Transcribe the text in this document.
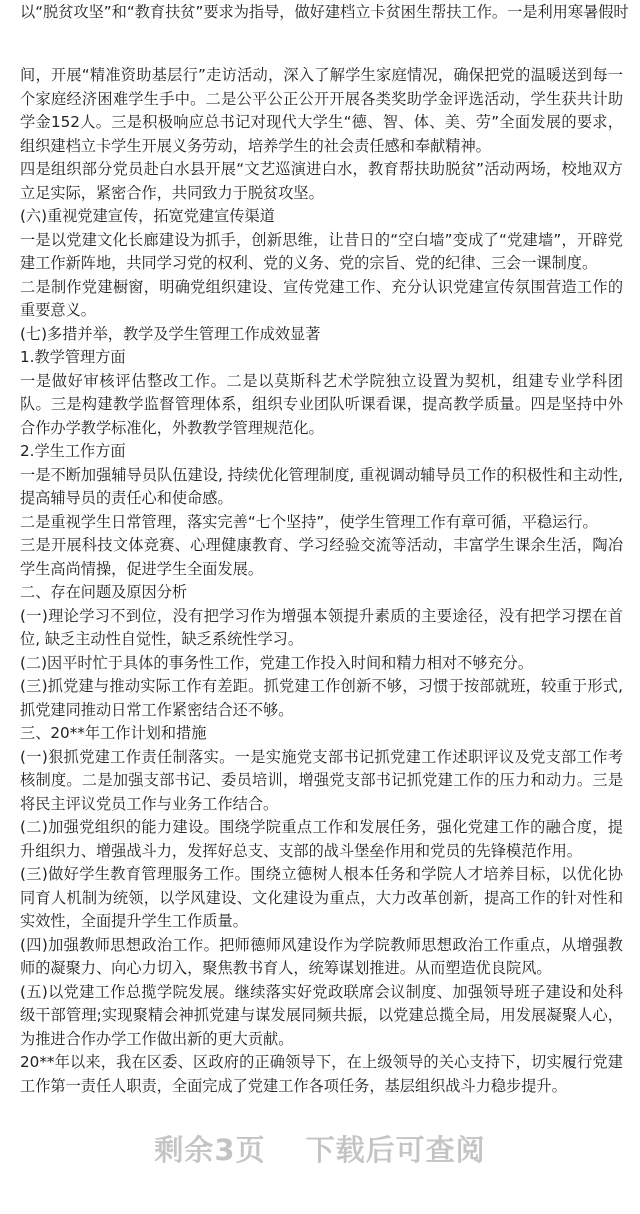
以“脱贫攻坚”和“教育扶贫”要求为指导，做好建档立卡贫困生帮扶工作。一是利用寒暑假时

间，开展“精准资助基层行”走访活动，深入了解学生家庭情况，确保把党的温暖送到每一个家庭经济困难学生手中。二是公平公正公开开展各类奖助学金评选活动，学生获共计助学金152人。三是积极响应总书记对现代大学生“德、智、体、美、劳”全面发展的要求，组织建档立卡学生开展义务劳动，培养学生的社会责任感和奉献精神。

四是组织部分党员赴白水县开展“文艺巡演进白水，教育帮扶助脱贫”活动两场，校地双方立足实际，紧密合作，共同致力于脱贫攻坚。

(六)重视党建宣传，拓宽党建宣传渠道

一是以党建文化长廊建设为抓手，创新思维，让昔日的“空白墙”变成了“党建墙”，开辟党建工作新阵地，共同学习党的权利、党的义务、党的宗旨、党的纪律、三会一课制度。

二是制作党建橱窗，明确党组织建设、宣传党建工作、充分认识党建宣传氛围营造工作的重要意义。

(七)多措并举，教学及学生管理工作成效显著

1.教学管理方面

一是做好审核评估整改工作。二是以莫斯科艺术学院独立设置为契机，组建专业学科团队。三是构建教学监督管理体系，组织专业团队听课看课，提高教学质量。四是坚持中外合作办学教学标准化，外教教学管理规范化。

2.学生工作方面

一是不断加强辅导员队伍建设, 持续优化管理制度, 重视调动辅导员工作的积极性和主动性, 提高辅导员的责任心和使命感。

二是重视学生日常管理，落实完善“七个坚持”，使学生管理工作有章可循，平稳运行。

三是开展科技文体竞赛、心理健康教育、学习经验交流等活动，丰富学生课余生活，陶冶学生高尚情操，促进学生全面发展。

二、存在问题及原因分析

(一)理论学习不到位，没有把学习作为增强本领提升素质的主要途径，没有把学习摆在首位, 缺乏主动性自觉性，缺乏系统性学习。

(二)因平时忙于具体的事务性工作，党建工作投入时间和精力相对不够充分。

(三)抓党建与推动实际工作有差距。抓党建工作创新不够，习惯于按部就班，较重于形式, 抓党建同推动日常工作紧密结合还不够。

三、20**年工作计划和措施

(一)狠抓党建工作责任制落实。一是实施党支部书记抓党建工作述职评议及党支部工作考核制度。二是加强支部书记、委员培训，增强党支部书记抓党建工作的压力和动力。三是将民主评议党员工作与业务工作结合。

(二)加强党组织的能力建设。围绕学院重点工作和发展任务，强化党建工作的融合度，提升组织力、增强战斗力，发挥好总支、支部的战斗堡垒作用和党员的先锋模范作用。

(三)做好学生教育管理服务工作。围绕立德树人根本任务和学院人才培养目标，以优化协同育人机制为统领，以学风建设、文化建设为重点，大力改革创新，提高工作的针对性和实效性，全面提升学生工作质量。

(四)加强教师思想政治工作。把师德师风建设作为学院教师思想政治工作重点，从增强教师的凝聚力、向心力切入，聚焦教书育人，统筹谋划推进。从而塑造优良院风。

(五)以党建工作总揽学院发展。继续落实好党政联席会议制度、加强领导班子建设和处科级干部管理;实现聚精会神抓党建与谋发展同频共振，以党建总揽全局，用发展凝聚人心，为推进合作办学工作做出新的更大贡献。

20**年以来，我在区委、区政府的正确领导下，在上级领导的关心支持下，切实履行党建工作第一责任人职责，全面完成了党建工作各项任务，基层组织战斗力稳步提升。

剩余3页 下载后可查阅
